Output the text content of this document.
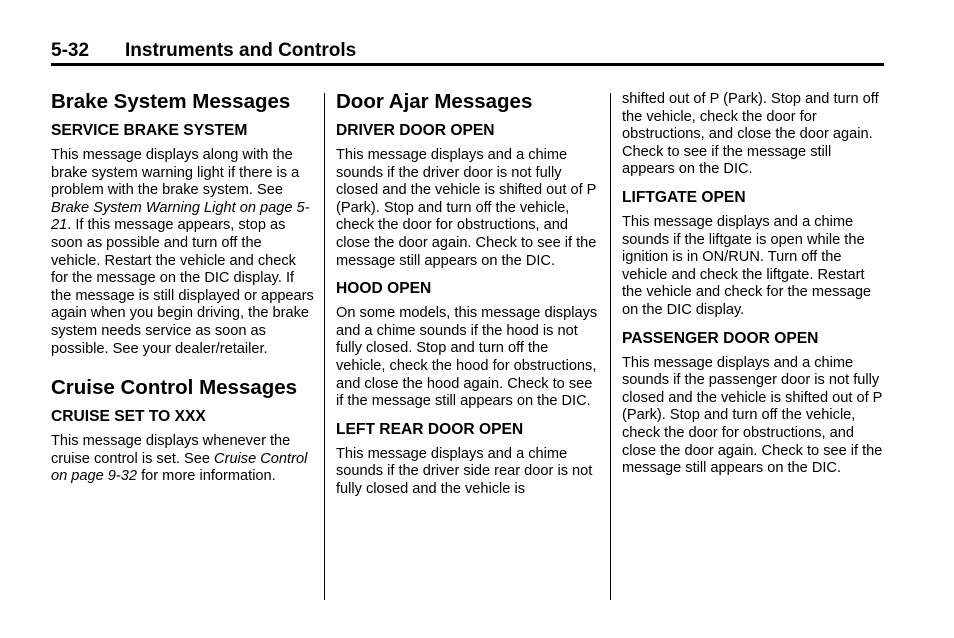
5-32 Instruments and Controls
Brake System Messages
SERVICE BRAKE SYSTEM

This message displays along with the brake system warning light if there is a problem with the brake system. See Brake System Warning Light on page 5-21. If this message appears, stop as soon as possible and turn off the vehicle. Restart the vehicle and check for the message on the DIC display. If the message is still displayed or appears again when you begin driving, the brake system needs service as soon as possible. See your dealer/retailer.

Cruise Control Messages
CRUISE SET TO XXX

This message displays whenever the cruise control is set. See Cruise Control on page 9-32 for more information.

Door Ajar Messages
DRIVER DOOR OPEN

This message displays and a chime sounds if the driver door is not fully closed and the vehicle is shifted out of P (Park). Stop and turn off the vehicle, check the door for obstructions, and close the door again. Check to see if the message still appears on the DIC.

HOOD OPEN

On some models, this message displays and a chime sounds if the hood is not fully closed. Stop and turn off the vehicle, check the hood for obstructions, and close the hood again. Check to see if the message still appears on the DIC.

LEFT REAR DOOR OPEN

This message displays and a chime sounds if the driver side rear door is not fully closed and the vehicle is

shifted out of P (Park). Stop and turn off the vehicle, check the door for obstructions, and close the door again. Check to see if the message still appears on the DIC.

LIFTGATE OPEN

This message displays and a chime sounds if the liftgate is open while the ignition is in ON/RUN. Turn off the vehicle and check the liftgate. Restart the vehicle and check for the message on the DIC display.

PASSENGER DOOR OPEN

This message displays and a chime sounds if the passenger door is not fully closed and the vehicle is shifted out of P (Park). Stop and turn off the vehicle, check the door for obstructions, and close the door again. Check to see if the message still appears on the DIC.
